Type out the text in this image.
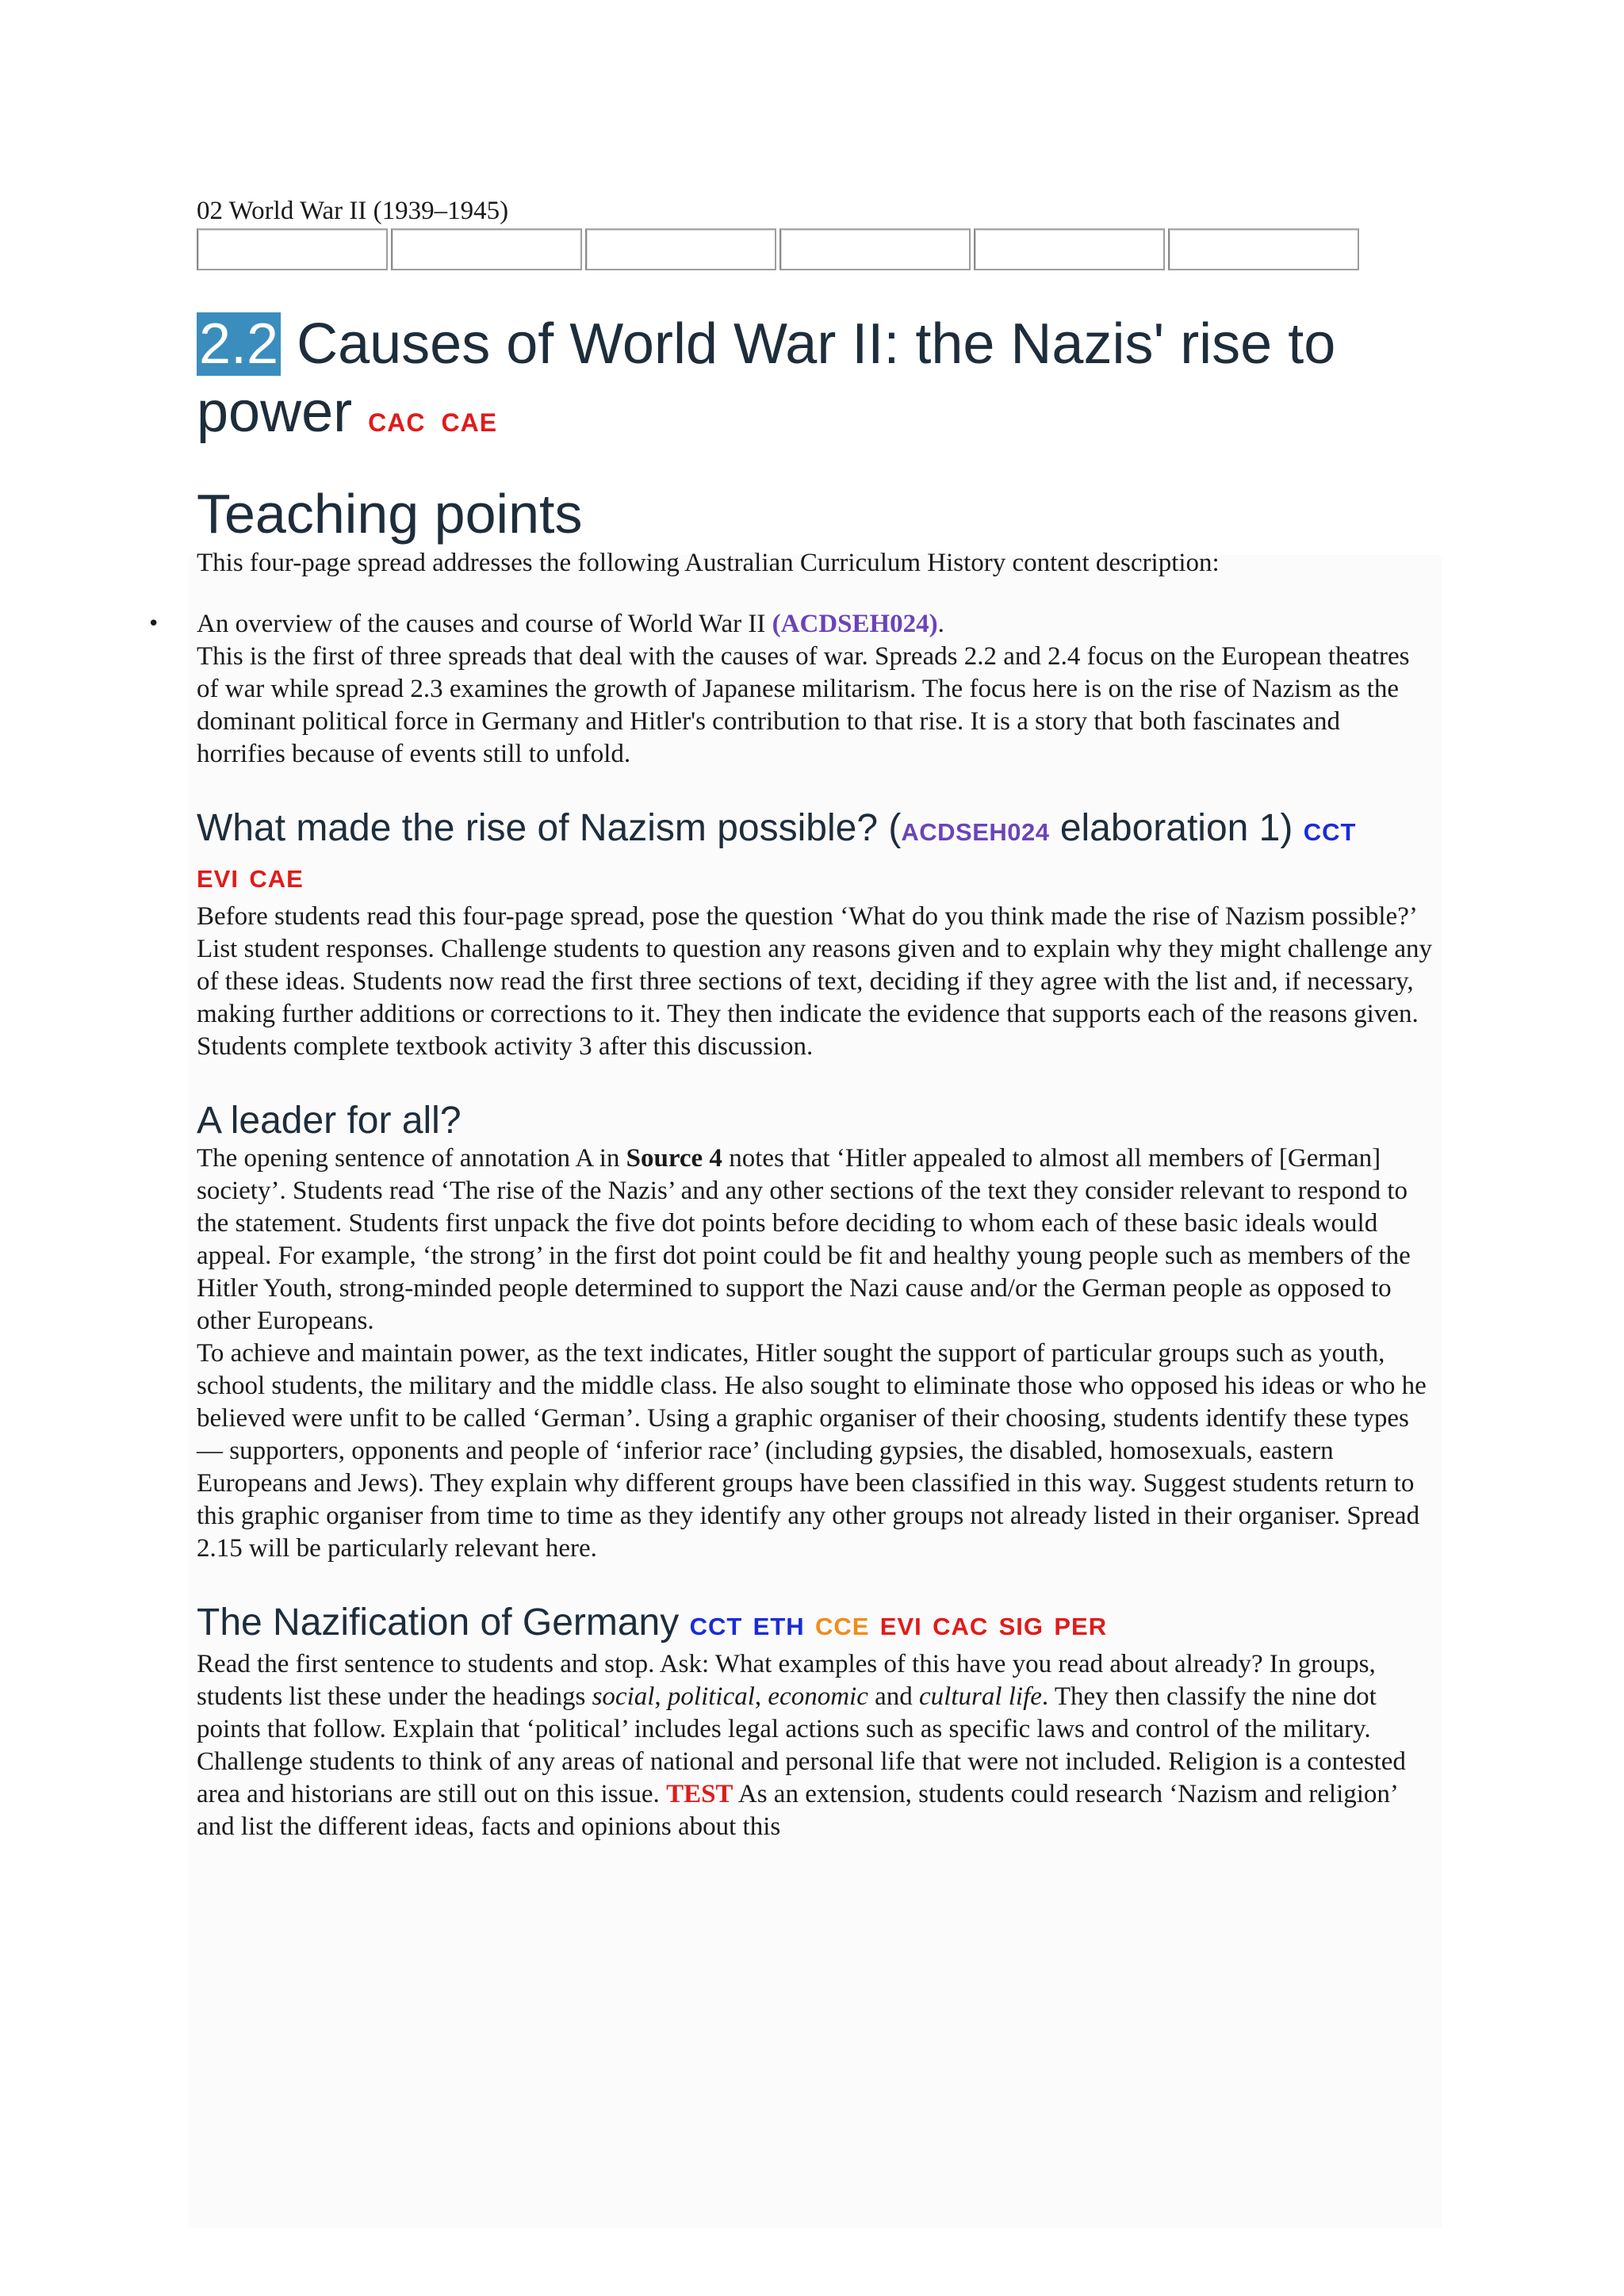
02 World War II (1939–1945)

2.2 Causes of World War II: the Nazis' rise to
power CAC CAE
Teaching points

This four-page spread addresses the following Australian Curriculum History content description:

• An overview of the causes and course of World War II (ACDSEH024).

This is the first of three spreads that deal with the causes of war. Spreads 2.2 and 2.4 focus on the European theatres of war while spread 2.3 examines the growth of Japanese militarism. The focus here is on the rise of Nazism as the dominant political force in Germany and Hitler's contribution to that rise. It is a story that both fascinates and horrifies because of events still to unfold.

What made the rise of Nazism possible? (ACDSEH024 elaboration 1) CCT
EVI CAE

Before students read this four-page spread, pose the question ‘What do you think made the rise of Nazism possible?’ List student responses. Challenge students to question any reasons given and to explain why they might challenge any of these ideas. Students now read the first three sections of text, deciding if they agree with the list and, if necessary, making further additions or corrections to it. They then indicate the evidence that supports each of the reasons given. Students complete textbook activity 3 after this discussion.

A leader for all?

The opening sentence of annotation A in Source 4 notes that ‘Hitler appealed to almost all members of [German] society’. Students read ‘The rise of the Nazis’ and any other sections of the text they consider relevant to respond to the statement. Students first unpack the five dot points before deciding to whom each of these basic ideals would appeal. For example, ‘the strong’ in the first dot point could be fit and healthy young people such as members of the Hitler Youth, strong-minded people determined to support the Nazi cause and/or the German people as opposed to other Europeans.

To achieve and maintain power, as the text indicates, Hitler sought the support of particular groups such as youth, school students, the military and the middle class. He also sought to eliminate those who opposed his ideas or who he believed were unfit to be called ‘German’. Using a graphic organiser of their choosing, students identify these types — supporters, opponents and people of ‘inferior race’ (including gypsies, the disabled, homosexuals, eastern Europeans and Jews). They explain why different groups have been classified in this way. Suggest students return to this graphic organiser from time to time as they identify any other groups not already listed in their organiser. Spread 2.15 will be particularly relevant here.

The Nazification of Germany CCT ETH CCE EVI CAC SIG PER

Read the first sentence to students and stop. Ask: What examples of this have you read about already? In groups, students list these under the headings social, political, economic and cultural life. They then classify the nine dot points that follow. Explain that ‘political’ includes legal actions such as specific laws and control of the military. Challenge students to think of any areas of national and personal life that were not included. Religion is a contested area and historians are still out on this issue. TEST As an extension, students could research ‘Nazism and religion’ and list the different ideas, facts and opinions about this
